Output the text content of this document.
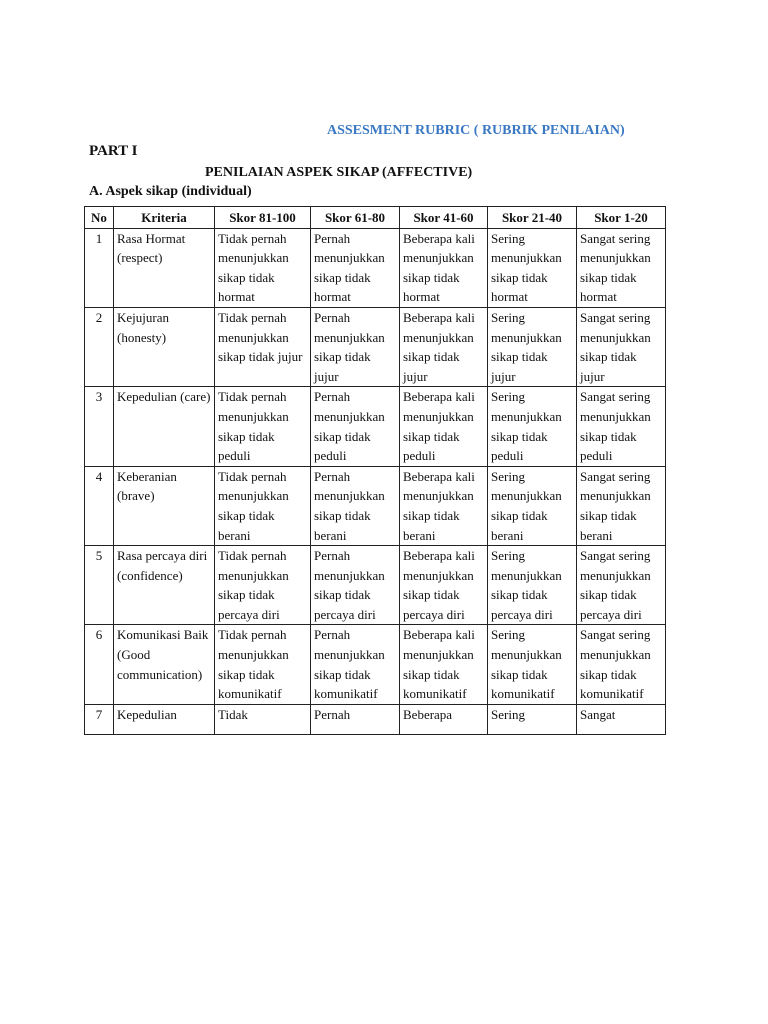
ASSESMENT RUBRIC ( RUBRIK PENILAIAN)
PART I
PENILAIAN ASPEK SIKAP (AFFECTIVE)
A. Aspek sikap (individual)
No	Kriteria	Skor 81-100	Skor 61-80	Skor 41-60	Skor 21-40	Skor 1-20
1	Rasa Hormat (respect)	Tidak pernah menunjukkan sikap tidak hormat	Pernah menunjukkan sikap tidak hormat	Beberapa kali menunjukkan sikap tidak hormat	Sering menunjukkan sikap tidak hormat	Sangat sering menunjukkan sikap tidak hormat
2	Kejujuran (honesty)	Tidak pernah menunjukkan sikap tidak jujur	Pernah menunjukkan sikap tidak jujur	Beberapa kali menunjukkan sikap tidak jujur	Sering menunjukkan sikap tidak jujur	Sangat sering menunjukkan sikap tidak jujur
3	Kepedulian (care)	Tidak pernah menunjukkan sikap tidak peduli	Pernah menunjukkan sikap tidak peduli	Beberapa kali menunjukkan sikap tidak peduli	Sering menunjukkan sikap tidak peduli	Sangat sering menunjukkan sikap tidak peduli
4	Keberanian (brave)	Tidak pernah menunjukkan sikap tidak berani	Pernah menunjukkan sikap tidak berani	Beberapa kali menunjukkan sikap tidak berani	Sering menunjukkan sikap tidak berani	Sangat sering menunjukkan sikap tidak berani
5	Rasa percaya diri (confidence)	Tidak pernah menunjukkan sikap tidak percaya diri	Pernah menunjukkan sikap tidak percaya diri	Beberapa kali menunjukkan sikap tidak percaya diri	Sering menunjukkan sikap tidak percaya diri	Sangat sering menunjukkan sikap tidak percaya diri
6	Komunikasi Baik (Good communication)	Tidak pernah menunjukkan sikap tidak komunikatif	Pernah menunjukkan sikap tidak komunikatif	Beberapa kali menunjukkan sikap tidak komunikatif	Sering menunjukkan sikap tidak komunikatif	Sangat sering menunjukkan sikap tidak komunikatif
7	Kepedulian	Tidak	Pernah	Beberapa	Sering	Sangat
